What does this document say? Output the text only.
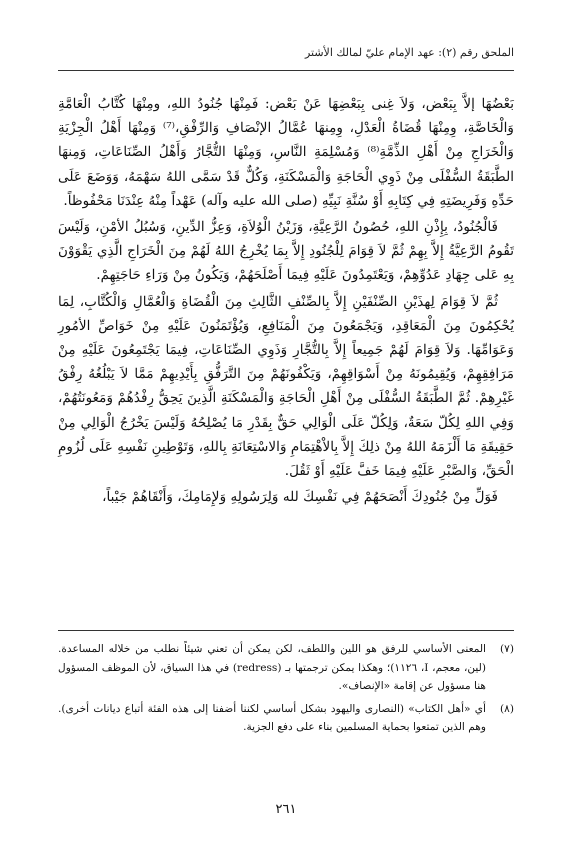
الملحق رقم (٢): عهد الإمام عليّ لمالك الأشتر

بَعْضُهَا إلاَّ بِبَعْض، وَلاَ غِنى بِبَعْضِهَا عَنْ بَعْض: فَمِنْهَا جُنُودُ اللهِ، ومِنْهَا كُتَّابُ الْعَامَّةِ وَالْخَاصَّةِ، وِمِنْهَا قُضَاةُ الْعَدْلِ، وِمِنهَا عُمَّالُ الإنْصَافِ وَالرِّفْقِ،⁽⁷⁾ وَمِنْهَا أَهْلُ الْجِزْيَةِ وَالْخَرَاجِ مِنْ أَهْلِ الذِّمَّةِ⁽⁸⁾ وَمُسْلِمَةِ النَّاسِ، وَمِنْهَا التُّجَّارُ وَأَهْلُ الصِّنَاعَاتِ، وَمِنهَا الطَّبَقَةُ السُّفْلَى مِنْ ذَوِي الْحَاجَةِ وَالْمَسْكَنَةِ، وَكُلٌّ قَدْ سَمَّى اللهُ سَهْمَهُ، وَوَضَعَ عَلَى حَدِّهِ وَفَرِيضَتِهِ فِي كِتَابِهِ أَوْ سُنَّةِ نَبِيِّهِ (صلى الله عليه وآله) عَهْداً مِنْهُ عِنْدَنَا مَحْفُوظاً.

فَالْجُنُودُ، بِإِذْنِ اللهِ، حُصُونُ الرَّعِيَّةِ، وَزَيْنُ الْوُلاَةِ، وَعِزُّ الدِّينِ، وَسُبُلُ الأمْنِ، وَلَيْسَ تَقُومُ الرَّعِيَّةُ إِلاَّ بِهِمْ ثُمَّ لاَ قِوَامَ لِلْجُنُودِ إِلاَّ بِمَا يُخْرِجُ اللهُ لَهُمْ مِنَ الْخَرَاجِ الَّذِي يَقْوَوْنَ بِهِ عَلى جِهَادِ عَدُوِّهِمْ، وَيَعْتَمِدُونَ عَلَيْهِ فِيمَا أَصْلَحَهُمْ، وَيَكُونُ مِنْ وَرَاءِ حَاجَتِهِمْ.

ثُمَّ لاَ قِوَامَ لِهذَيْنِ الصِّنْفَيْنِ إِلاَّ بِالصِّنْفِ الثَّالِثِ مِنَ الْقُضَاةِ وَالْعُمَّالِ وَالْكُتَّابِ، لِمَا يُحْكِمُونَ مِنَ الْمَعَاقِدِ، وَيَجْمَعُونَ مِنَ الْمَنَافِعِ، وَيُؤْتَمَنُونَ عَلَيْهِ مِنْ خَوَاصِّ الأمُورِ وَعَوَامِّهَا. وَلاَ قِوَامَ لَهُمْ جَمِيعاً إِلاَّ بِالتُّجَّارِ وَذَوِي الصِّنَاعَاتِ، فِيمَا يَجْتَمِعُونَ عَلَيْهِ مِنْ مَرَافِقِهِمْ، وَيُقِيمُونَهُ مِنْ أَسْوَاقِهِمْ، وَيَكْفُونَهُمْ مِنَ التَّرَفُّقِ بِأَيْدِيهِمْ مَمَّا لاَ يَبْلُغُهُ رِفْقُ غَيْرِهِمْ. ثُمَّ الطَّبَقَةُ السُّفْلَى مِنْ أَهْلِ الْحَاجَةِ وَالْمَسْكَنَةِ الَّذِينَ يَحِقُّ رِفْدُهُمْ وَمَعُونَتُهُمْ، وَفِي اللهِ لِكُلّ سَعَةٌ، وَلِكُلّ عَلَى الْوَالِي حَقٌّ بِقَدْرِ مَا يُصْلِحُهُ وَلَيْسَ يَخْرُجُ الْوَالِي مِنْ حَقِيقَةِ مَا أَلْزَمَهُ اللهُ مِنْ ذلِكَ إِلاَّ بِالاْهْتِمَامِ وَالاسْتِعَانَةِ بِاللهِ، وَتَوْطِينِ نَفْسِهِ عَلَى لُزُومِ الْحَقِّ، وَالصَّبْرِ عَلَيْهِ فِيمَا خَفَّ عَلَيْهِ أَوْ ثَقُلَ.

فَوَلِّ مِنْ جُنُودِكَ أَنْصَحَهُمْ فِي نَفْسِكَ لله وَلِرَسُولِهِ وَلإِمَامِكَ، وَأَنْقَاهُمْ جَيْباً،

(٧)
المعنى الأساسي للرفق هو اللين واللطف، لكن يمكن أن تعني شيئاً نطلب من خلاله المساعدة. (لين، معجم، I، ١١٢٦)؛ وهكذا يمكن ترجمتها بـ (redress) في هذا السياق، لأن الموظف المسؤول هنا مسؤول عن إقامة «الإنصاف».
(٨)
أي «أهل الكتاب» (النصارى واليهود بشكل أساسي لكننا أضفنا إلى هذه الفئة أتباع ديانات أخرى). وهم الذين تمتعوا بحماية المسلمين بناء على دفع الجزية.
٢٦١
